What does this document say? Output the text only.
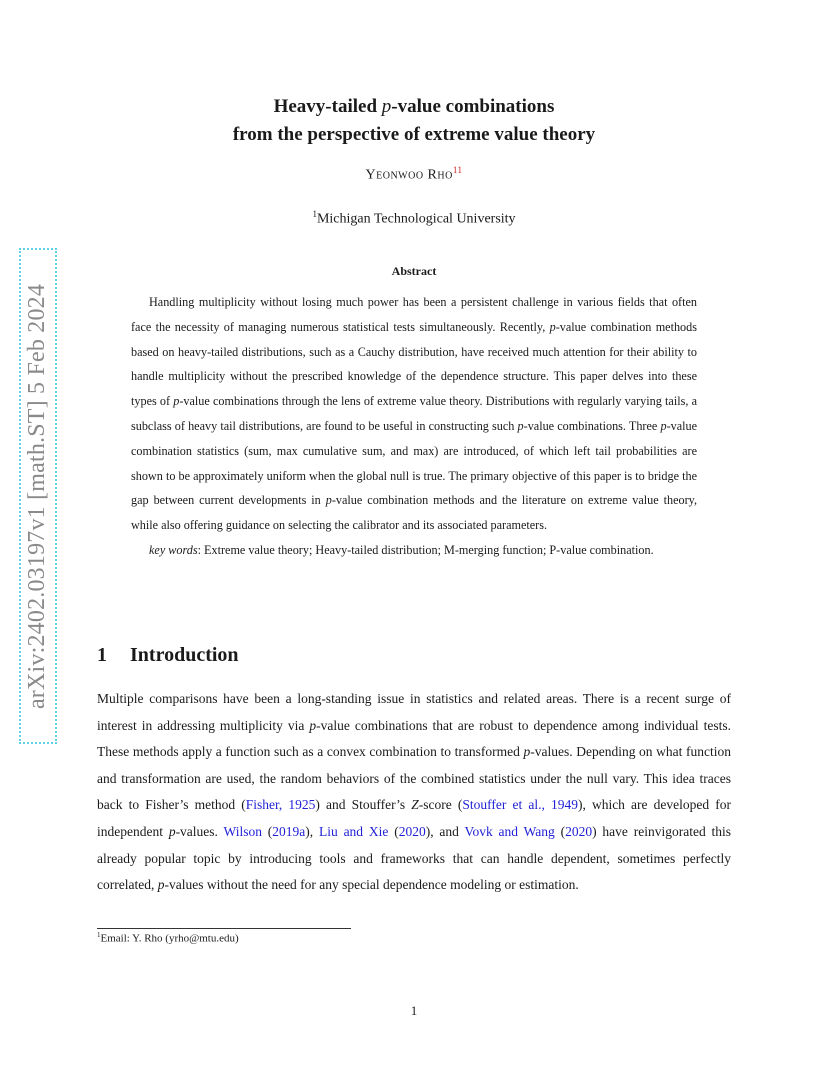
arXiv:2402.03197v1 [math.ST] 5 Feb 2024
Heavy-tailed p-value combinations
from the perspective of extreme value theory
Yeonwoo Rho$^{11}$
$^1$Michigan Technological University
Abstract

Handling multiplicity without losing much power has been a persistent challenge in various fields that often face the necessity of managing numerous statistical tests simultaneously. Recently, p-value combination methods based on heavy-tailed distributions, such as a Cauchy distribution, have received much attention for their ability to handle multiplicity without the prescribed knowledge of the dependence structure. This paper delves into these types of p-value combinations through the lens of extreme value theory. Distributions with regularly varying tails, a subclass of heavy tail distributions, are found to be useful in constructing such p-value combinations. Three p-value combination statistics (sum, max cumulative sum, and max) are introduced, of which left tail probabilities are shown to be approximately uniform when the global null is true. The primary objective of this paper is to bridge the gap between current developments in p-value combination methods and the literature on extreme value theory, while also offering guidance on selecting the calibrator and its associated parameters.

key words: Extreme value theory; Heavy-tailed distribution; M-merging function; P-value combination.

1 Introduction

Multiple comparisons have been a long-standing issue in statistics and related areas. There is a recent surge of interest in addressing multiplicity via p-value combinations that are robust to dependence among individual tests. These methods apply a function such as a convex combination to transformed p-values. Depending on what function and transformation are used, the random behaviors of the combined statistics under the null vary. This idea traces back to Fisher’s method (Fisher, 1925) and Stouffer’s Z-score (Stouffer et al., 1949), which are developed for independent p-values. Wilson (2019a), Liu and Xie (2020), and Vovk and Wang (2020) have reinvigorated this already popular topic by introducing tools and frameworks that can handle dependent, sometimes perfectly correlated, p-values without the need for any special dependence modeling or estimation.

$^1$Email: Y. Rho (yrho@mtu.edu)
1
